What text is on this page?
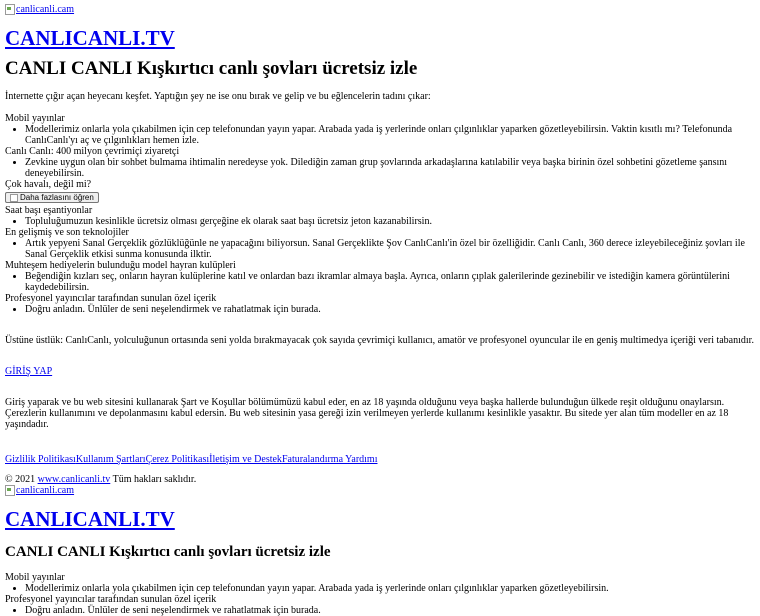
canlicanli.cam
CANLICANLI.TV
CANLI CANLI Kışkırtıcı canlı şovları ücretsiz izle

İnternette çığır açan heyecanı keşfet. Yaptığın şey ne ise onu bırak ve gelip ve bu eğlencelerin tadını çıkar:

Mobil yayınlar
• Modellerimiz onlarla yola çıkabilmen için cep telefonundan yayın yapar. Arabada yada iş yerlerinde onları çılgınlıklar yaparken gözetleyebilirsin. Vaktin kısıtlı mı? Telefonunda CanlıCanlı'yı aç ve çılgınlıkları hemen izle.
Canlı Canlı: 400 milyon çevrimiçi ziyaretçi
• Zevkine uygun olan bir sohbet bulmama ihtimalin neredeyse yok. Dilediğin zaman grup şovlarında arkadaşlarına katılabilir veya başka birinin özel sohbetini gözetleme şansını deneyebilirsin.
Çok havalı, değil mi?
Daha fazlasını öğren
Saat başı eşantiyonlar
• Topluluğumuzun kesinlikle ücretsiz olması gerçeğine ek olarak saat başı ücretsiz jeton kazanabilirsin.
En gelişmiş ve son teknolojiler
• Artık yepyeni Sanal Gerçeklik gözlüklüğünle ne yapacağını biliyorsun. Sanal Gerçeklikte Şov CanlıCanlı'in özel bir özelliğidir. Canlı Canlı, 360 derece izleyebileceğiniz şovları ile Sanal Gerçeklik etkisi sunma konusunda ilktir.
Muhteşem hediyelerin bulunduğu model hayran kulüpleri
• Beğendiğin kızları seç, onların hayran kulüplerine katıl ve onlardan bazı ikramlar almaya başla. Ayrıca, onların çıplak galerilerinde gezinebilir ve istediğin kamera görüntülerini kaydedebilirsin.
Profesyonel yayıncılar tarafından sunulan özel içerik
• Doğru anladın. Ünlüler de seni neşelendirmek ve rahatlatmak için burada.

Üstüne üstlük: CanlıCanlı, yolculuğunun ortasında seni yolda bırakmayacak çok sayıda çevrimiçi kullanıcı, amatör ve profesyonel oyuncular ile en geniş multimedya içeriği veri tabanıdır.

GİRİŞ YAP

Giriş yaparak ve bu web sitesini kullanarak Şart ve Koşullar bölümümüzü kabul eder, en az 18 yaşında olduğunu veya başka hallerde bulunduğun ülkede reşit olduğunu onaylarsın. Çerezlerin kullanımını ve depolanmasını kabul edersin. Bu web sitesinin yasa gereği izin verilmeyen yerlerde kullanımı kesinlikle yasaktır. Bu sitede yer alan tüm modeller en az 18 yaşındadır.

Gizlilik PolitikasıKullanım ŞartlarıÇerez Politikasıİletişim ve DestekFaturalandırma Yardımı

© 2021 www.canlicanli.tv Tüm hakları saklıdır.

canlicanli.cam
CANLICANLI.TV
CANLI CANLI Kışkırtıcı canlı şovları ücretsiz izle
Mobil yayınlar
• Modellerimiz onlarla yola çıkabilmen için cep telefonundan yayın yapar. Arabada yada iş yerlerinde onları çılgınlıklar yaparken gözetleyebilirsin.
Profesyonel yayıncılar tarafından sunulan özel içerik
• Doğru anladın. Ünlüler de seni neşelendirmek ve rahatlatmak için burada.
